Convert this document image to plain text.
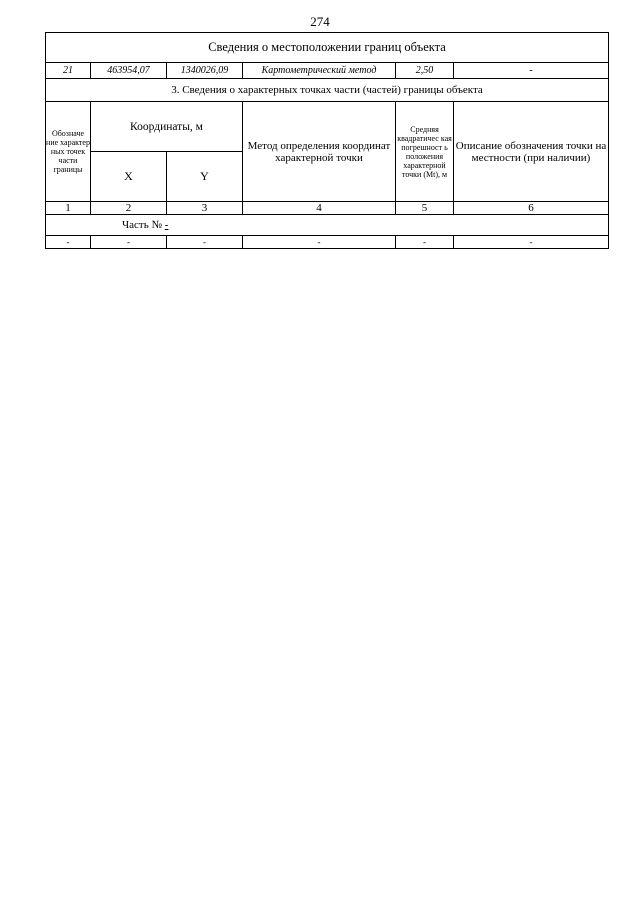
274
Сведения о местоположении границ объекта					
21	463954,07	1340026,09	Картометрический метод	2,50	-
3. Сведения о характерных точках части (частей) границы объекта					
Обозначе ние характер ных точек части границы	Координаты, м		Метод определения координат характерной точки	Средняя квадратичес кая погрешност ь положения характерной точки (Mt), м	Описание обозначения точки на местности (при наличии)
	X	Y			
1	2	3	4	5	6
Часть № -					
-	-	-	-	-	-
